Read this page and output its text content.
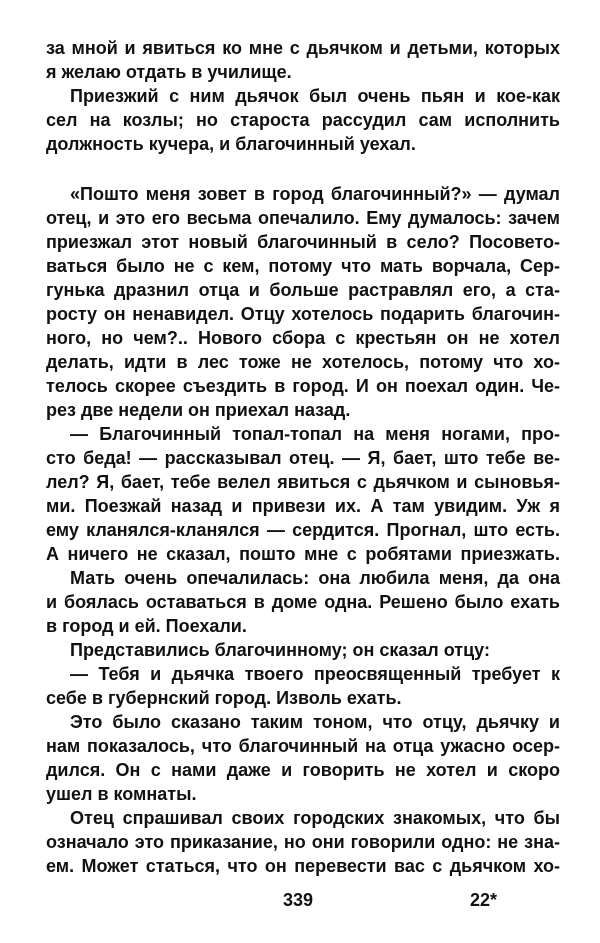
за мной и явиться ко мне с дьячком и детьми, которых
я желаю отдать в училище.
Приезжий с ним дьячок был очень пьян и кое-как
сел на козлы; но староста рассудил сам исполнить
должность кучера, и благочинный уехал.
«Пошто меня зовет в город благочинный?» — думал
отец, и это его весьма опечалило. Ему думалось: зачем
приезжал этот новый благочинный в село? Посовето-
ваться было не с кем, потому что мать ворчала, Сер-
гунька дразнил отца и больше растравлял его, а ста-
росту он ненавидел. Отцу хотелось подарить благочин-
ного, но чем?.. Нового сбора с крестьян он не хотел
делать, идти в лес тоже не хотелось, потому что хо-
телось скорее съездить в город. И он поехал один. Че-
рез две недели он приехал назад.
— Благочинный топал-топал на меня ногами, про-
сто беда! — рассказывал отец. — Я, бает, што тебе ве-
лел? Я, бает, тебе велел явиться с дьячком и сыновья-
ми. Поезжай назад и привези их. А там увидим. Уж я
ему кланялся-кланялся — сердится. Прогнал, што есть.
А ничего не сказал, пошто мне с робятами приезжать.
Мать очень опечалилась: она любила меня, да она
и боялась оставаться в доме одна. Решено было ехать
в город и ей. Поехали.
Представились благочинному; он сказал отцу:
— Тебя и дьячка твоего преосвященный требует к
себе в губернский город. Изволь ехать.
Это было сказано таким тоном, что отцу, дьячку и
нам показалось, что благочинный на отца ужасно осер-
дился. Он с нами даже и говорить не хотел и скоро
ушел в комнаты.
Отец спрашивал своих городских знакомых, что бы
означало это приказание, но они говорили одно: не зна-
ем. Может статься, что он перевести вас с дьячком хо-
339	22*
